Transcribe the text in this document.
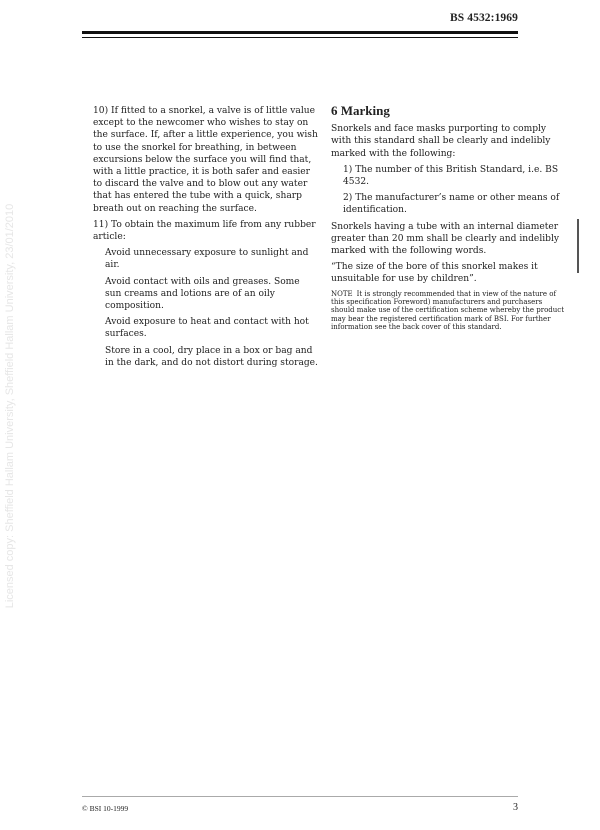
BS 4532:1969
Licensed copy: Sheffield Hallam University, Sheffield Hallam University, 23/01/2010

10) If fitted to a snorkel, a valve is of little value except to the newcomer who wishes to stay on the surface. If, after a little experience, you wish to use the snorkel for breathing, in between excursions below the surface you will find that, with a little practice, it is both safer and easier to discard the valve and to blow out any water that has entered the tube with a quick, sharp breath out on reaching the surface.

11) To obtain the maximum life from any rubber article:

Avoid unnecessary exposure to sunlight and air.

Avoid contact with oils and greases. Some sun creams and lotions are of an oily composition.

Avoid exposure to heat and contact with hot surfaces.

Store in a cool, dry place in a box or bag and in the dark, and do not distort during storage.

6 Marking

Snorkels and face masks purporting to comply with this standard shall be clearly and indelibly marked with the following:

1) The number of this British Standard, i.e. BS 4532.

2) The manufacturer’s name or other means of identification.

Snorkels having a tube with an internal diameter greater than 20 mm shall be clearly and indelibly marked with the following words.

“The size of the bore of this snorkel makes it unsuitable for use by children”.

NOTE It is strongly recommended that in view of the nature of this specification Foreword) manufacturers and purchasers should make use of the certification scheme whereby the product may bear the registered certification mark of BSI. For further information see the back cover of this standard.

© BSI 10-1999	3
